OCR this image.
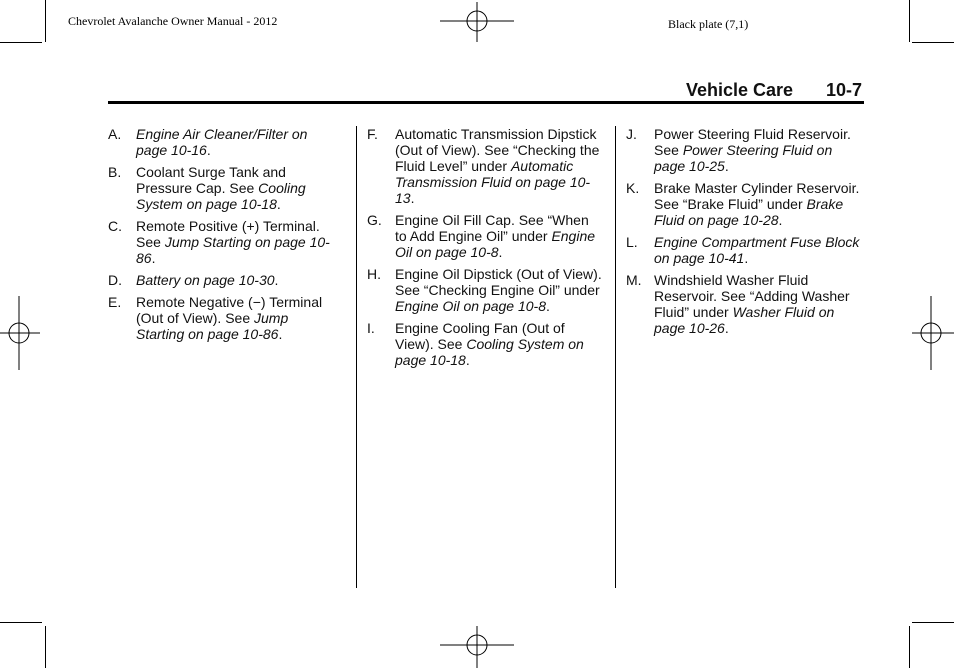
Chevrolet Avalanche Owner Manual - 2012	Black plate (7,1)
Vehicle Care 10-7
A.	Engine Air Cleaner/Filter on page 10-16.
B.	Coolant Surge Tank and Pressure Cap. See Cooling System on page 10-18.
C.	Remote Positive (+) Terminal. See Jump Starting on page 10-86.
D.	Battery on page 10-30.
E.	Remote Negative (−) Terminal (Out of View). See Jump Starting on page 10-86.
F.	Automatic Transmission Dipstick (Out of View). See “Checking the Fluid Level” under Automatic Transmission Fluid on page 10-13.
G. Engine Oil Fill Cap. See “When to Add Engine Oil” under Engine Oil on page 10-8.
H.	Engine Oil Dipstick (Out of View). See “Checking Engine Oil” under Engine Oil on page 10-8.
I.	Engine Cooling Fan (Out of View). See Cooling System on page 10-18.
J.	Power Steering Fluid Reservoir. See Power Steering Fluid on page 10-25.
K.	Brake Master Cylinder Reservoir. See “Brake Fluid” under Brake Fluid on page 10-28.
L.	Engine Compartment Fuse Block on page 10-41.
M. Windshield Washer Fluid Reservoir. See “Adding Washer Fluid” under Washer Fluid on page 10-26.
